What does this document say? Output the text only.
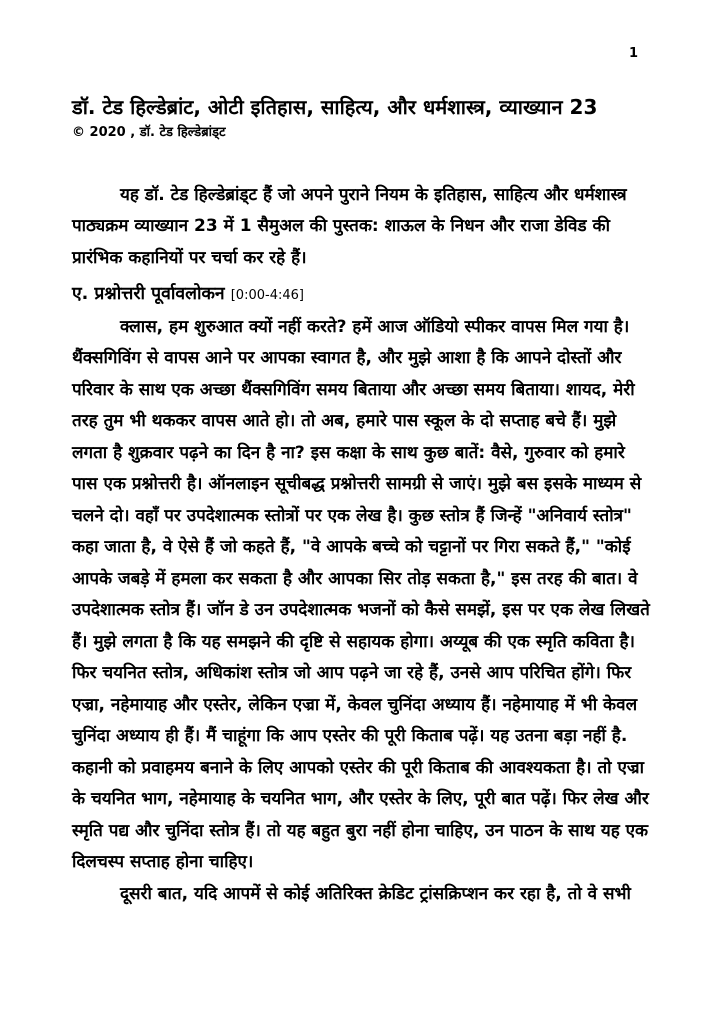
1
डॉ. टेड हिल्डेब्रांट, ओटी इतिहास, साहित्य, और धर्मशास्त्र, व्याख्यान 23

© 2020 , डॉ. टेड हिल्डेब्रांड्ट

यह डॉ. टेड हिल्डेब्रांड्ट हैं जो अपने पुराने नियम के इतिहास, साहित्य और धर्मशास्त्र पाठ्यक्रम व्याख्यान 23 में 1 सैमुअल की पुस्तक: शाऊल के निधन और राजा डेविड की प्रारंभिक कहानियों पर चर्चा कर रहे हैं।

ए. प्रश्नोत्तरी पूर्वावलोकन [0:00-4:46]

क्लास, हम शुरुआत क्यों नहीं करते? हमें आज ऑडियो स्पीकर वापस मिल गया है। थैंक्सगिविंग से वापस आने पर आपका स्वागत है, और मुझे आशा है कि आपने दोस्तों और परिवार के साथ एक अच्छा थैंक्सगिविंग समय बिताया और अच्छा समय बिताया। शायद, मेरी तरह तुम भी थककर वापस आते हो। तो अब, हमारे पास स्कूल के दो सप्ताह बचे हैं। मुझे लगता है शुक्रवार पढ़ने का दिन है ना? इस कक्षा के साथ कुछ बातें: वैसे, गुरुवार को हमारे पास एक प्रश्नोत्तरी है। ऑनलाइन सूचीबद्ध प्रश्नोत्तरी सामग्री से जाएं। मुझे बस इसके माध्यम से चलने दो। वहाँ पर उपदेशात्मक स्तोत्रों पर एक लेख है। कुछ स्तोत्र हैं जिन्हें "अनिवार्य स्तोत्र" कहा जाता है, वे ऐसे हैं जो कहते हैं, "वे आपके बच्चे को चट्टानों पर गिरा सकते हैं," "कोई आपके जबड़े में हमला कर सकता है और आपका सिर तोड़ सकता है," इस तरह की बात। वे उपदेशात्मक स्तोत्र हैं। जॉन डे उन उपदेशात्मक भजनों को कैसे समझें, इस पर एक लेख लिखते हैं। मुझे लगता है कि यह समझने की दृष्टि से सहायक होगा। अय्यूब की एक स्मृति कविता है। फिर चयनित स्तोत्र, अधिकांश स्तोत्र जो आप पढ़ने जा रहे हैं, उनसे आप परिचित होंगे। फिर एज्रा, नहेमायाह और एस्तेर, लेकिन एज्रा में, केवल चुनिंदा अध्याय हैं। नहेमायाह में भी केवल चुनिंदा अध्याय ही हैं। मैं चाहूंगा कि आप एस्तेर की पूरी किताब पढ़ें। यह उतना बड़ा नहीं है. कहानी को प्रवाहमय बनाने के लिए आपको एस्तेर की पूरी किताब की आवश्यकता है। तो एज्रा के चयनित भाग, नहेमायाह के चयनित भाग, और एस्तेर के लिए, पूरी बात पढ़ें। फिर लेख और स्मृति पद्य और चुनिंदा स्तोत्र हैं। तो यह बहुत बुरा नहीं होना चाहिए, उन पाठन के साथ यह एक दिलचस्प सप्ताह होना चाहिए।

दूसरी बात, यदि आपमें से कोई अतिरिक्त क्रेडिट ट्रांसक्रिप्शन कर रहा है, तो वे सभी
